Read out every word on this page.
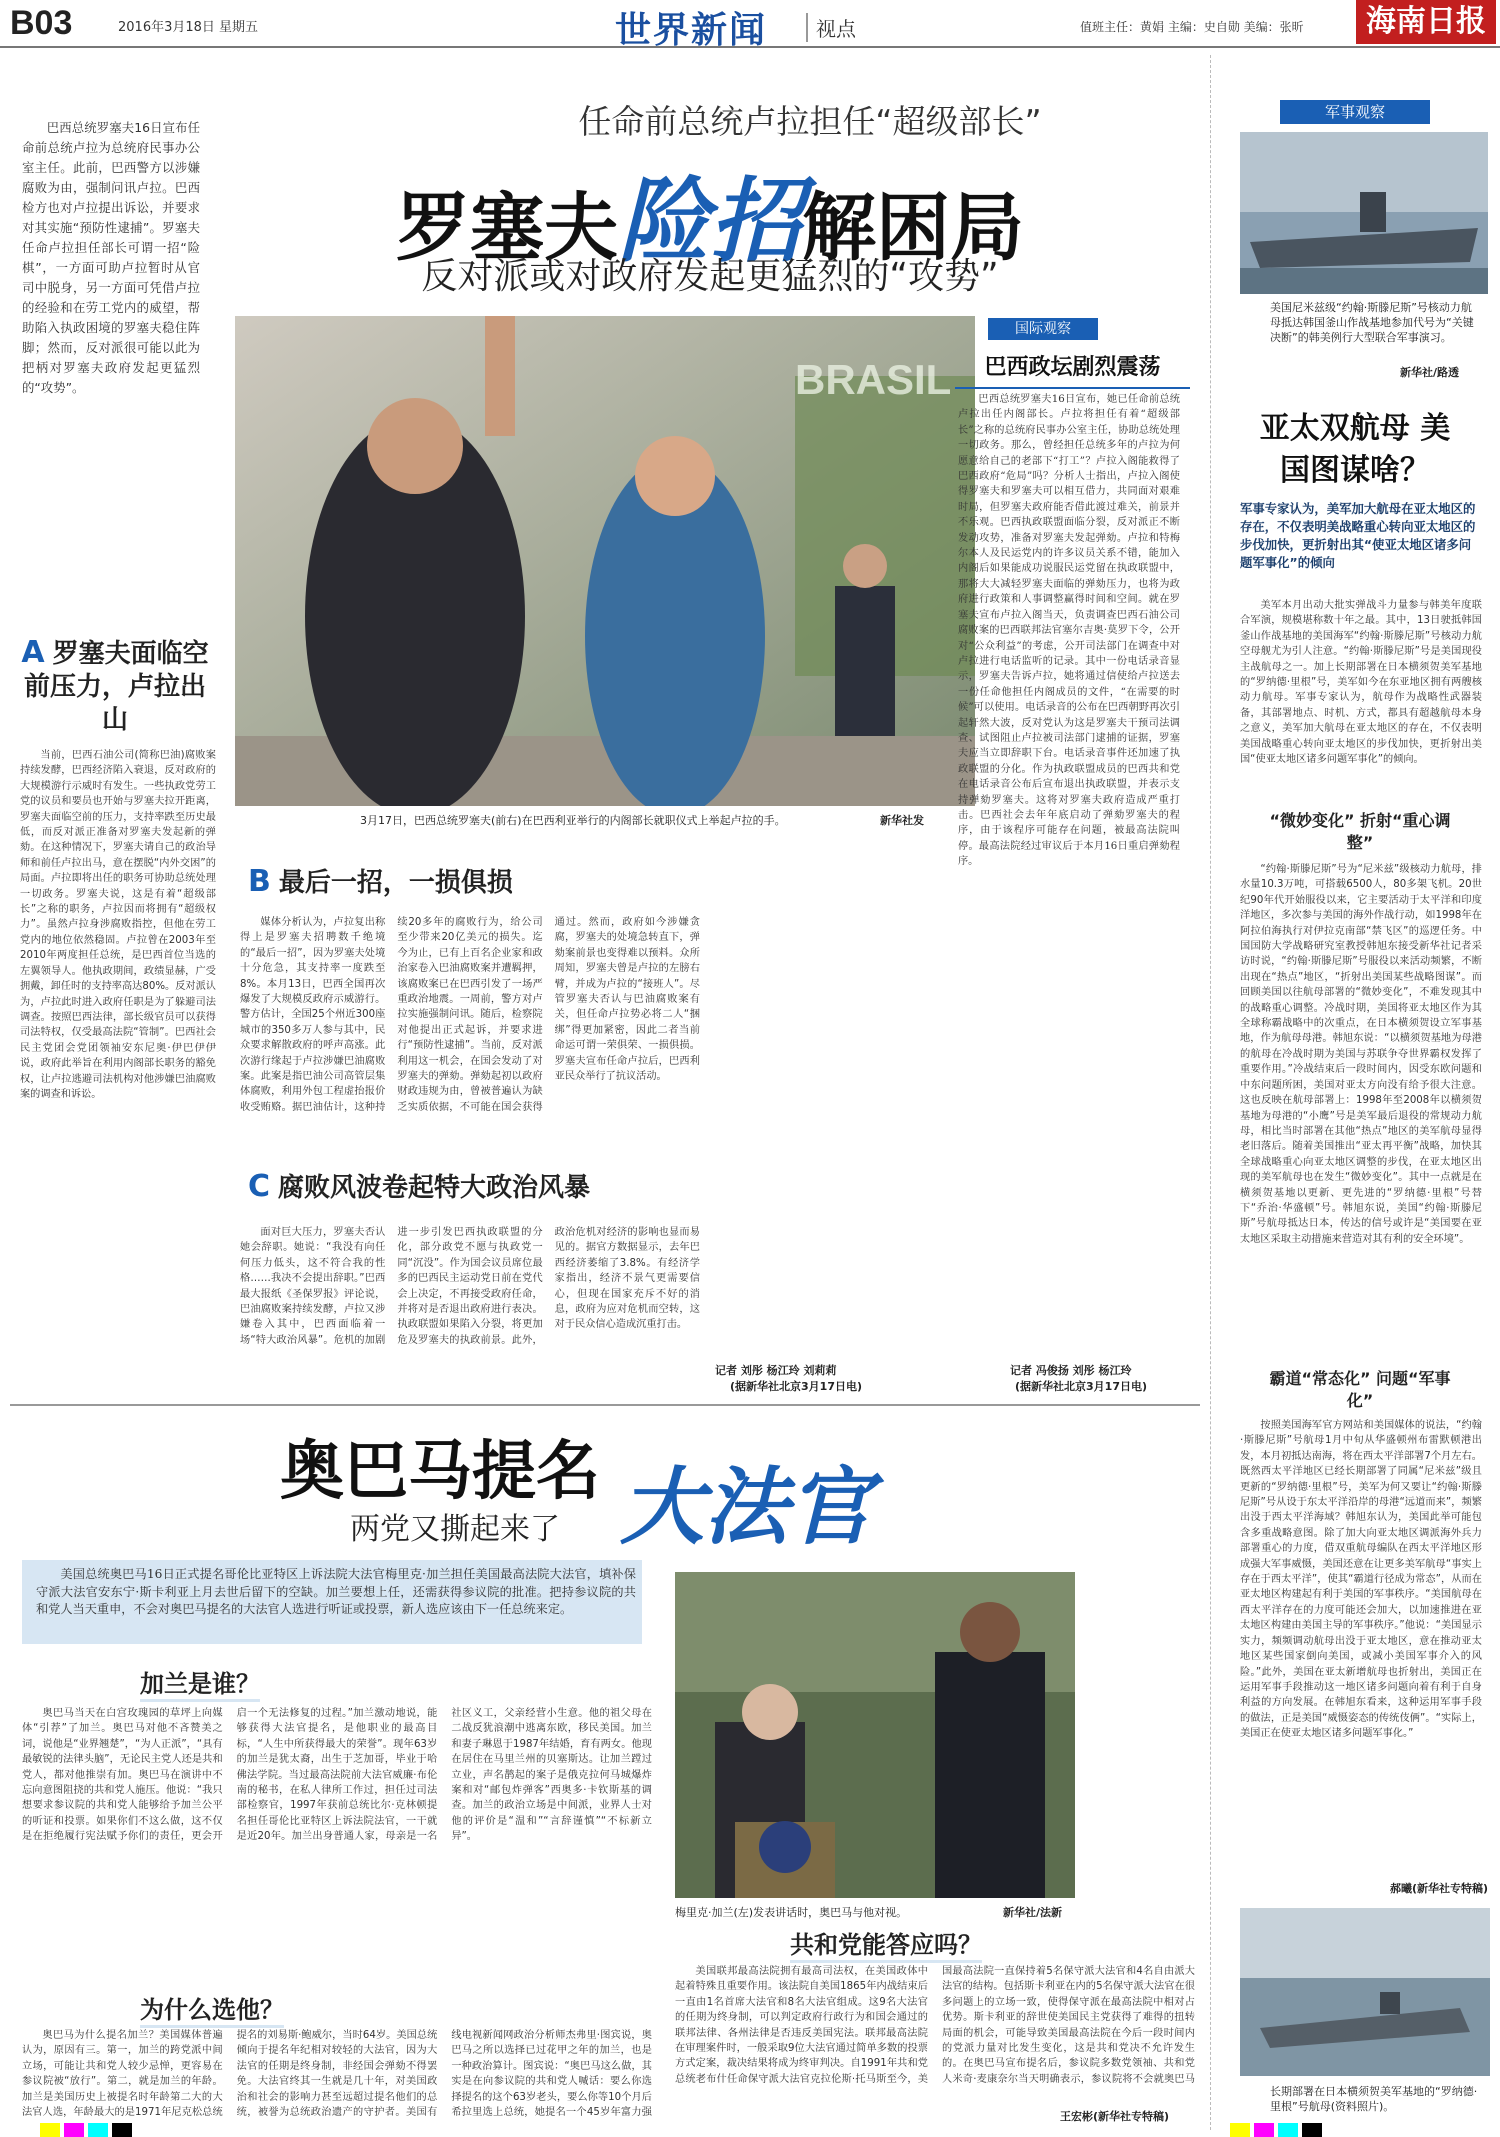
B03	2016年3月18日 星期五	世界新闻	视点	值班主任：黄娟 主编：史自勋 美编：张昕	海南日报
任命前总统卢拉担任“超级部长”
罗塞夫险招解困局
反对派或对政府发起更猛烈的“攻势”

巴西总统罗塞夫16日宣布任命前总统卢拉为总统府民事办公室主任。此前，巴西警方以涉嫌腐败为由，强制问讯卢拉。巴西检方也对卢拉提出诉讼，并要求对其实施“预防性逮捕”。罗塞夫任命卢拉担任部长可谓一招“险棋”，一方面可助卢拉暂时从官司中脱身，另一方面可凭借卢拉的经验和在劳工党内的威望，帮助陷入执政困境的罗塞夫稳住阵脚；然而，反对派很可能以此为把柄对罗塞夫政府发起更猛烈的“攻势”。	BRASIL
3月17日，巴西总统罗塞夫(前右)在巴西利亚举行的内阁部长就职仪式上举起卢拉的手。	新华社发
A 罗塞夫面临空前压力，卢拉出山

当前，巴西石油公司(简称巴油)腐败案持续发酵，巴西经济陷入衰退，反对政府的大规模游行示威时有发生。一些执政党劳工党的议员和要员也开始与罗塞夫拉开距离，罗塞夫面临空前的压力，支持率跌至历史最低，而反对派正准备对罗塞夫发起新的弹劾。在这种情况下，罗塞夫请自己的政治导师和前任卢拉出马，意在摆脱“内外交困”的局面。卢拉即将出任的职务可协助总统处理一切政务。罗塞夫说，这是有着“超级部长”之称的职务，卢拉因而将拥有“超级权力”。虽然卢拉身涉腐败指控，但他在劳工党内的地位依然稳固。卢拉曾在2003年至2010年两度担任总统，是巴西首位当选的左翼领导人。他执政期间，政绩显赫，广受拥戴，卸任时的支持率高达80%。反对派认为，卢拉此时进入政府任职是为了躲避司法调查。按照巴西法律，部长级官员可以获得司法特权，仅受最高法院“管制”。巴西社会民主党团会党团领袖安东尼奥·伊巴伊伊说，政府此举旨在利用内阁部长职务的豁免权，让卢拉逃避司法机构对他涉嫌巴油腐败案的调查和诉讼。

B 最后一招，一损俱损

媒体分析认为，卢拉复出称得上是罗塞夫招聘数千绝境的“最后一招”，因为罗塞夫处境十分危急，其支持率一度跌至8%。本月13日，巴西全国再次爆发了大规模反政府示威游行。警方估计，全国25个州近300座城市的350多万人参与其中，民众要求解散政府的呼声高涨。此次游行缘起于卢拉涉嫌巴油腐败案。此案是指巴油公司高管层集体腐败，利用外包工程虚抬报价收受贿赂。据巴油估计，这种持续20多年的腐败行为，给公司至少带来20亿美元的损失。迄今为止，已有上百名企业家和政治家卷入巴油腐败案并遭羁押，该腐败案已在巴西引发了一场严重政治地震。一周前，警方对卢拉实施强制问讯。随后，检察院对他提出正式起诉，并要求进行“预防性逮捕”。当前，反对派利用这一机会，在国会发动了对罗塞夫的弹劾。弹劾起初以政府财政违规为由，曾被普遍认为缺乏实质依据，不可能在国会获得通过。然而，政府如今涉嫌贪腐，罗塞夫的处境急转直下，弹劾案前景也变得难以预料。众所周知，罗塞夫曾是卢拉的左膀右臂，并成为卢拉的“接班人”。尽管罗塞夫否认与巴油腐败案有关，但任命卢拉势必将二人“捆绑”得更加紧密，因此二者当前命运可谓一荣俱荣、一损俱损。罗塞夫宣布任命卢拉后，巴西利亚民众举行了抗议活动。

C 腐败风波卷起特大政治风暴

面对巨大压力，罗塞夫否认她会辞职。她说：“我没有向任何压力低头，这不符合我的性格……我决不会提出辞职。”巴西最大报纸《圣保罗报》评论说，巴油腐败案持续发酵，卢拉又涉嫌卷入其中，巴西面临着一场“特大政治风暴”。危机的加剧进一步引发巴西执政联盟的分化，部分政党不愿与执政党一同“沉没”。作为国会议员席位最多的巴西民主运动党日前在党代会上决定，不再接受政府任命，并将对是否退出政府进行表决。执政联盟如果陷入分裂，将更加危及罗塞夫的执政前景。此外，政治危机对经济的影响也显而易见的。据官方数据显示，去年巴西经济萎缩了3.8%。有经济学家指出，经济不景气更需要信心，但现在国家充斥不好的消息，政府为应对危机而空转，这对于民众信心造成沉重打击。

记者 刘彤 杨江玲 刘莉莉
(据新华社北京3月17日电)
国际观察
巴西政坛剧烈震荡

巴西总统罗塞夫16日宣布，她已任命前总统卢拉出任内阁部长。卢拉将担任有着“超级部长”之称的总统府民事办公室主任，协助总统处理一切政务。那么，曾经担任总统多年的卢拉为何愿意给自己的老部下“打工”？卢拉入阁能救得了巴西政府“危局”吗？分析人士指出，卢拉入阁使得罗塞夫和罗塞夫可以相互借力，共同面对艰难时局，但罗塞夫政府能否借此渡过难关，前景并不乐观。巴西执政联盟面临分裂，反对派正不断发动攻势，准备对罗塞夫发起弹劾。卢拉和特梅尔本人及民运党内的许多议员关系不错，能加入内阁后如果能成功说服民运党留在执政联盟中，那将大大减轻罗塞夫面临的弹劾压力，也将为政府进行政策和人事调整赢得时间和空间。就在罗塞夫宣布卢拉入阁当天，负责调查巴西石油公司腐败案的巴西联邦法官塞尔吉奥·莫罗下令，公开对“公众利益”的考虑，公开司法部门在调查中对卢拉进行电话监听的记录。其中一份电话录音显示，罗塞夫告诉卢拉，她将通过信使给卢拉送去一份任命他担任内阁成员的文件，“在需要的时候”可以使用。电话录音的公布在巴西朝野再次引起轩然大波，反对党认为这是罗塞夫干预司法调查、试图阻止卢拉被司法部门逮捕的证据，罗塞夫应当立即辞职下台。电话录音事件还加速了执政联盟的分化。作为执政联盟成员的巴西共和党在电话录音公布后宣布退出执政联盟，并表示支持弹劾罗塞夫。这将对罗塞夫政府造成严重打击。巴西社会去年年底启动了弹劾罗塞夫的程序，由于该程序可能存在问题，被最高法院叫停。最高法院经过审议后于本月16日重启弹劾程序。

记者 冯俊扬 刘彤 杨江玲
(据新华社北京3月17日电)
奥巴马提名 大法官
两党又撕起来了

美国总统奥巴马16日正式提名哥伦比亚特区上诉法院大法官梅里克·加兰担任美国最高法院大法官，填补保守派大法官安东宁·斯卡利亚上月去世后留下的空缺。加兰要想上任，还需获得参议院的批准。把持参议院的共和党人当天重申，不会对奥巴马提名的大法官人选进行听证或投票，新人选应该由下一任总统来定。

梅里克·加兰(左)发表讲话时，奥巴马与他对视。	新华社/法新
加兰是谁？

奥巴马当天在白宫玫瑰园的草坪上向媒体“引荐”了加兰。奥巴马对他不吝赞美之词，说他是“业界翘楚”，“为人正派”，“具有最敏锐的法律头脑”，无论民主党人还是共和党人，都对他推崇有加。奥巴马在演讲中不忘向意图阻挠的共和党人施压。他说：“我只想要求参议院的共和党人能够给予加兰公平的听证和投票。如果你们不这么做，这不仅是在拒绝履行宪法赋予你们的责任，更会开启一个无法修复的过程。”加兰激动地说，能够获得大法官提名，是他职业的最高目标，“人生中所获得最大的荣誉”。现年63岁的加兰是犹太裔，出生于芝加哥，毕业于哈佛法学院。当过最高法院前大法官威廉·布伦南的秘书，在私人律所工作过，担任过司法部检察官，1997年获前总统比尔·克林顿提名担任哥伦比亚特区上诉法院法官，一干就是近20年。加兰出身普通人家，母亲是一名社区义工，父亲经营小生意。他的祖父母在二战反犹浪潮中逃离东欧，移民美国。加兰和妻子琳恩于1987年结婚，育有两女。他现在居住在马里兰州的贝塞斯达。让加兰蹚过立业，声名鹊起的案子是俄克拉何马城爆炸案和对“邮包炸弹客”西奥多·卡钦斯基的调查。加兰的政治立场是中间派，业界人士对他的评价是“温和”“言辞谨慎”“不标新立异”。

为什么选他？

奥巴马为什么提名加兰？美国媒体普遍认为，原因有三。第一，加兰的跨党派中间立场，可能让共和党人较少忌惮，更容易在参议院被“放行”。第二，就是加兰的年龄。加兰是美国历史上被提名时年龄第二大的大法官人选，年龄最大的是1971年尼克松总统提名的刘易斯·鲍威尔，当时64岁。美国总统倾向于提名年纪相对较轻的大法官，因为大法官的任期是终身制，非经国会弹劾不得罢免。大法官终其一生就是几十年，对美国政治和社会的影响力甚至远超过提名他们的总统，被誉为总统政治遗产的守护者。美国有线电视新闻网政治分析师杰弗里·图宾说，奥巴马之所以选择已过花甲之年的加兰，也是一种政治算计。图宾说：“奥巴马这么做，其实是在向参议院的共和党人喊话：要么你选择提名的这个63岁老头，要么你等10个月后希拉里选上总统，她提名一个45岁年富力强

共和党能答应吗？

美国联邦最高法院拥有最高司法权，在美国政体中起着特殊且重要作用。该法院自美国1865年内战结束后一直由1名首席大法官和8名大法官组成。这9名大法官的任期为终身制，可以判定政府行政行为和国会通过的联邦法律、各州法律是否违反美国宪法。联邦最高法院在审理案件时，一般采取9位大法官通过简单多数的投票方式定案，裁决结果将成为终审判决。自1991年共和党总统老布什任命保守派大法官克拉伦斯·托马斯至今，美国最高法院一直保持着5名保守派大法官和4名自由派大法官的结构。包括斯卡利亚在内的5名保守派大法官在很多问题上的立场一致，使得保守派在最高法院中相对占优势。斯卡利亚的辞世使美国民主党获得了难得的扭转局面的机会，可能导致美国最高法院在今后一段时间内的党派力量对比发生变化，这是共和党决不允许发生的。在奥巴马宣布提名后，参议院多数党领袖、共和党人米奇·麦康奈尔当天明确表示，参议院将不会就奥巴马

王宏彬(新华社专特稿)
军事观察
美国尼米兹级“约翰·斯滕尼斯”号核动力航母抵达韩国釜山作战基地参加代号为“关键决断”的韩美例行大型联合军事演习。
新华社/路透
亚太双航母 美国图谋啥？
军事专家认为，美军加大航母在亚太地区的存在，不仅表明美战略重心转向亚太地区的步伐加快，更折射出其“使亚太地区诸多问题军事化”的倾向

美军本月出动大批实弹战斗力量参与韩美年度联合军演，规模堪称数十年之最。其中，13日驶抵韩国釜山作战基地的美国海军“约翰·斯滕尼斯”号核动力航空母舰尤为引人注意。“约翰·斯滕尼斯”号是美国现役主战航母之一。加上长期部署在日本横须贺美军基地的“罗纳德·里根”号，美军如今在东亚地区拥有两艘核动力航母。军事专家认为，航母作为战略性武器装备，其部署地点、时机、方式，都具有超越航母本身之意义，美军加大航母在亚太地区的存在，不仅表明美国战略重心转向亚太地区的步伐加快，更折射出美国“使亚太地区诸多问题军事化”的倾向。

“微妙变化” 折射“重心调整”

“约翰·斯滕尼斯”号为“尼米兹”级核动力航母，排水量10.3万吨，可搭载6500人，80多架飞机。20世纪90年代开始服役以来，它主要活动于太平洋和印度洋地区，多次参与美国的海外作战行动，如1998年在阿拉伯海执行对伊拉克南部“禁飞区”的巡逻任务。中国国防大学战略研究室教授韩旭东接受新华社记者采访时说，“约翰·斯滕尼斯”号服役以来活动频繁，不断出现在“热点”地区，“折射出美国某些战略图谋”。而回顾美国以往航母部署的“微妙变化”，不难发现其中的战略重心调整。冷战时期，美国将亚太地区作为其全球称霸战略中的次重点，在日本横须贺设立军事基地，作为航母母港。韩旭东说：“以横须贺基地为母港的航母在冷战时期为美国与苏联争夺世界霸权发挥了重要作用。”冷战结束后一段时间内，因受东欧问题和中东问题所困，美国对亚太方向没有给予很大注意。这也反映在航母部署上：1998年至2008年以横须贺基地为母港的“小鹰”号是美军最后退役的常规动力航母，相比当时部署在其他“热点”地区的美军航母显得老旧落后。随着美国推出“亚太再平衡”战略，加快其全球战略重心向亚太地区调整的步伐，在亚太地区出现的美军航母也在发生“微妙变化”。其中一点就是在横须贺基地以更新、更先进的“罗纳德·里根”号替下“乔治·华盛顿”号。韩旭东说，美国“约翰·斯滕尼斯”号航母抵达日本，传达的信号或许是“美国要在亚太地区采取主动措施来营造对其有利的安全环境”。

霸道“常态化” 问题“军事化”

按照美国海军官方网站和美国媒体的说法，“约翰·斯滕尼斯”号航母1月中旬从华盛顿州布雷默顿港出发，本月初抵达南海，将在西太平洋部署7个月左右。既然西太平洋地区已经长期部署了同属“尼米兹”级且更新的“罗纳德·里根”号，美军为何又要让“约翰·斯滕尼斯”号从设于东太平洋沿岸的母港“远道而来”，频繁出没于西太平洋海域？韩旭东认为，美国此举可能包含多重战略意图。除了加大向亚太地区调派海外兵力部署重心的力度，借双重航母编队在西太平洋地区形成强大军事威慑，美国还意在让更多美军航母“事实上存在于西太平洋”，使其“霸道行径成为常态”，从而在亚太地区构建起有利于美国的军事秩序。“美国航母在西太平洋存在的力度可能还会加大，以加速推进在亚太地区构建由美国主导的军事秩序。”他说：“美国显示实力，频频调动航母出没于亚太地区，意在推动亚太地区某些国家倒向美国，或减小美国军事介入的风险。”此外，美国在亚太新增航母也折射出，美国正在运用军事手段推动这一地区诸多问题向着有利于自身利益的方向发展。在韩旭东看来，这种运用军事手段的做法，正是美国“威慑姿态的传统伎俩”。“实际上，美国正在使亚太地区诸多问题军事化。”

郝曦(新华社专特稿)
长期部署在日本横须贺美军基地的“罗纳德·里根”号航母(资料照片)。
